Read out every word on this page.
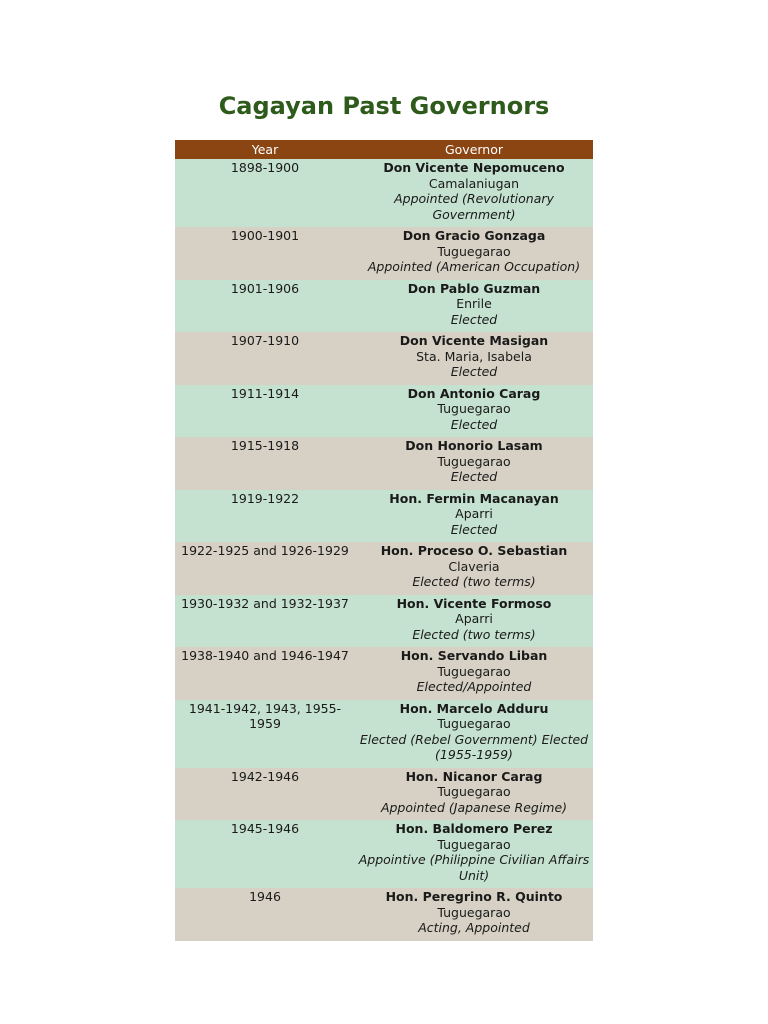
Cagayan Past Governors
Year	Governor
1898-1900	Don Vicente Nepomuceno
Camalaniugan
Appointed (Revolutionary Government)

1900-1901	Don Gracio Gonzaga
Tuguegarao
Appointed (American Occupation)

1901-1906	Don Pablo Guzman
Enrile
Elected

1907-1910	Don Vicente Masigan
Sta. Maria, Isabela
Elected

1911-1914	Don Antonio Carag
Tuguegarao
Elected

1915-1918	Don Honorio Lasam
Tuguegarao
Elected

1919-1922	Hon. Fermin Macanayan
Aparri
Elected

1922-1925 and 1926-1929	Hon. Proceso O. Sebastian
Claveria
Elected (two terms)

1930-1932 and 1932-1937	Hon. Vicente Formoso
Aparri
Elected (two terms)

1938-1940 and 1946-1947	Hon. Servando Liban
Tuguegarao
Elected/Appointed

1941-1942, 1943, 1955-1959	Hon. Marcelo Adduru
Tuguegarao
Elected (Rebel Government) Elected (1955-1959)

1942-1946	Hon. Nicanor Carag
Tuguegarao
Appointed (Japanese Regime)

1945-1946	Hon. Baldomero Perez
Tuguegarao
Appointive (Philippine Civilian Affairs Unit)

1946	Hon. Peregrino R. Quinto
Tuguegarao
Acting, Appointed
